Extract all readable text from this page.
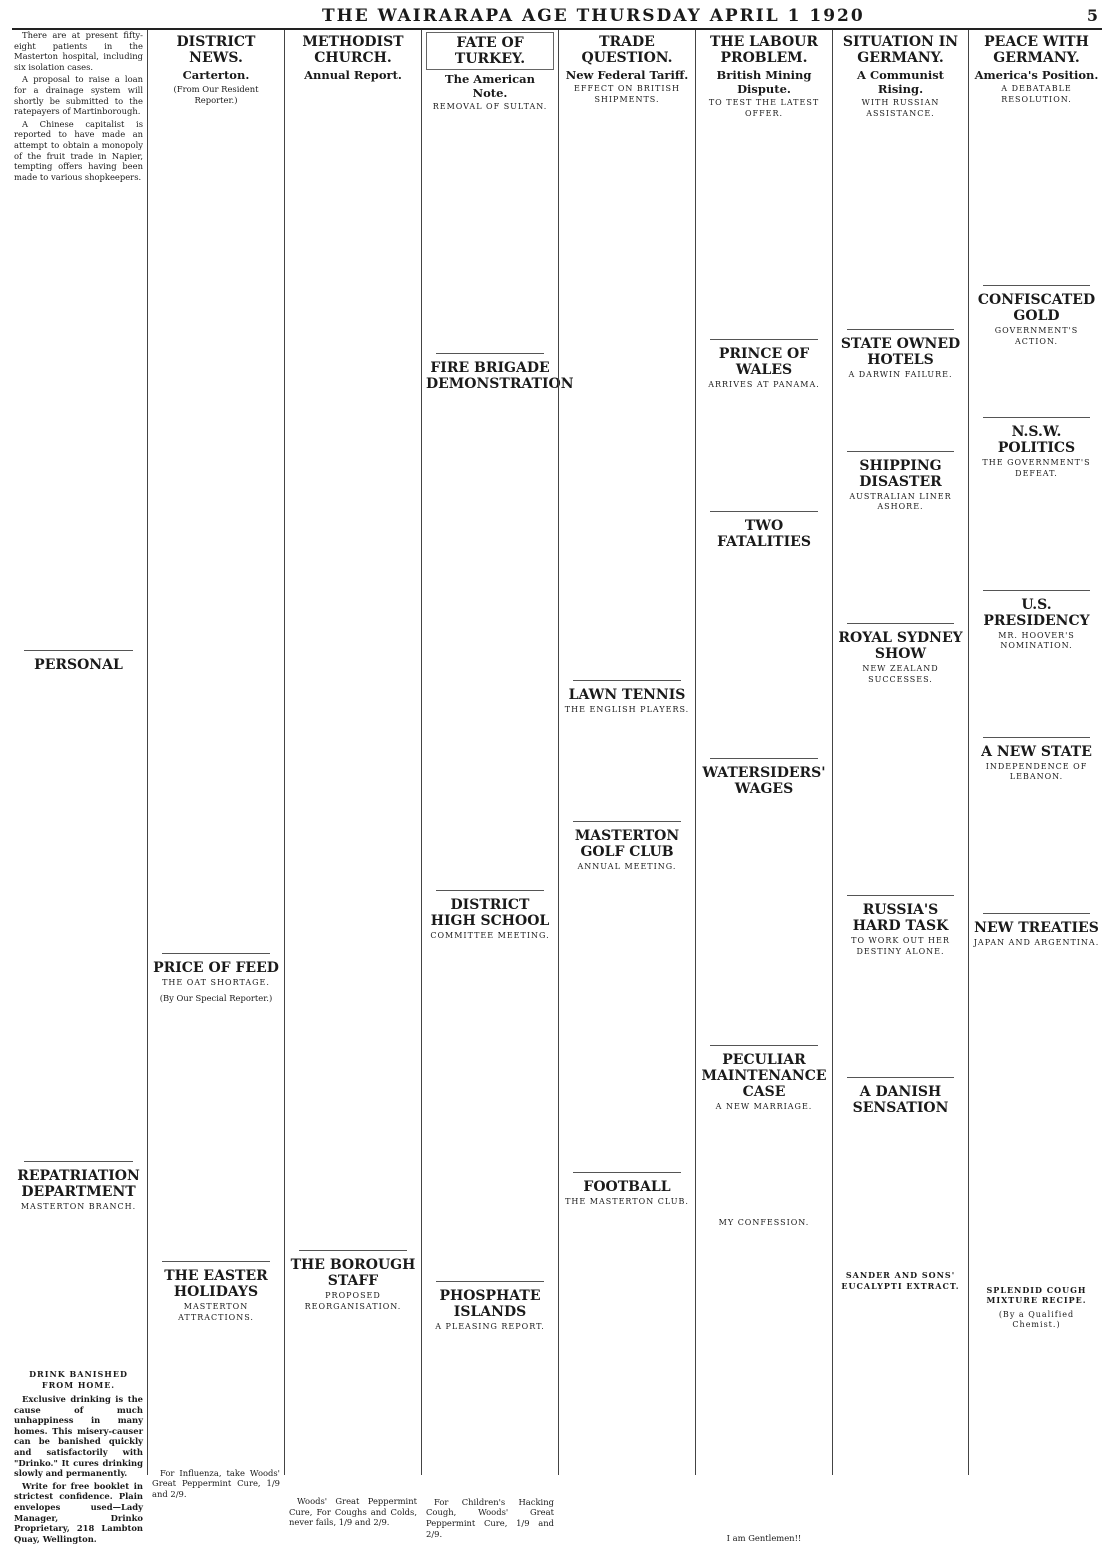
THE WAIRARAPA AGE THURSDAY APRIL 1 1920	5

There are at present fifty-eight patients in the Masterton hospital, including six isolation cases.

A proposal to raise a loan for a drainage system will shortly be submitted to the ratepayers of Martinborough.

A Chinese capitalist is reported to have made an attempt to obtain a monopoly of the fruit trade in Napier, tempting offers having been made to various shopkeepers.

PERSONAL
REPATRIATION DEPARTMENT
MASTERTON BRANCH.
DRINK BANISHED FROM HOME.

Exclusive drinking is the cause of much unhappiness in many homes. This misery-causer can be banished quickly and satisfactorily with "Drinko." It cures drinking slowly and permanently.

Write for free booklet in strictest confidence. Plain envelopes used—Lady Manager, Drinko Proprietary, 218 Lambton Quay, Wellington.

DISTRICT NEWS.
Carterton.

(From Our Resident Reporter.)

PRICE OF FEED
THE OAT SHORTAGE.

(By Our Special Reporter.)

THE EASTER HOLIDAYS
MASTERTON ATTRACTIONS.

For Influenza, take Woods' Great Peppermint Cure, 1/9 and 2/9.

METHODIST CHURCH.
Annual Report.
THE BOROUGH STAFF
PROPOSED REORGANISATION.

Woods' Great Peppermint Cure, For Coughs and Colds, never fails, 1/9 and 2/9.

FATE OF TURKEY.
The American Note.
REMOVAL OF SULTAN.
FIRE BRIGADE DEMONSTRATION
DISTRICT HIGH SCHOOL
COMMITTEE MEETING.
PHOSPHATE ISLANDS
A PLEASING REPORT.

For Children's Hacking Cough, Woods' Great Peppermint Cure, 1/9 and 2/9.

TRADE QUESTION.
New Federal Tariff.
EFFECT ON BRITISH SHIPMENTS.
LAWN TENNIS
THE ENGLISH PLAYERS.
MASTERTON GOLF CLUB
ANNUAL MEETING.
FOOTBALL
THE MASTERTON CLUB.
THE LABOUR PROBLEM.
British Mining Dispute.
TO TEST THE LATEST OFFER.
PRINCE OF WALES
ARRIVES AT PANAMA.
TWO FATALITIES
WATERSIDERS' WAGES
PECULIAR MAINTENANCE CASE
A NEW MARRIAGE.
MY CONFESSION.

I am Gentlemen!!

SITUATION IN GERMANY.
A Communist Rising.
WITH RUSSIAN ASSISTANCE.
STATE OWNED HOTELS
A DARWIN FAILURE.
SHIPPING DISASTER
AUSTRALIAN LINER ASHORE.
ROYAL SYDNEY SHOW
NEW ZEALAND SUCCESSES.
RUSSIA'S HARD TASK
TO WORK OUT HER DESTINY ALONE.
A DANISH SENSATION
SANDER AND SONS' EUCALYPTI EXTRACT.
PEACE WITH GERMANY.
America's Position.
A DEBATABLE RESOLUTION.
CONFISCATED GOLD
GOVERNMENT'S ACTION.
N.S.W. POLITICS
THE GOVERNMENT'S DEFEAT.
U.S. PRESIDENCY
MR. HOOVER'S NOMINATION.
A NEW STATE
INDEPENDENCE OF LEBANON.
NEW TREATIES
JAPAN AND ARGENTINA.
SPLENDID COUGH MIXTURE RECIPE.
(By a Qualified Chemist.)
